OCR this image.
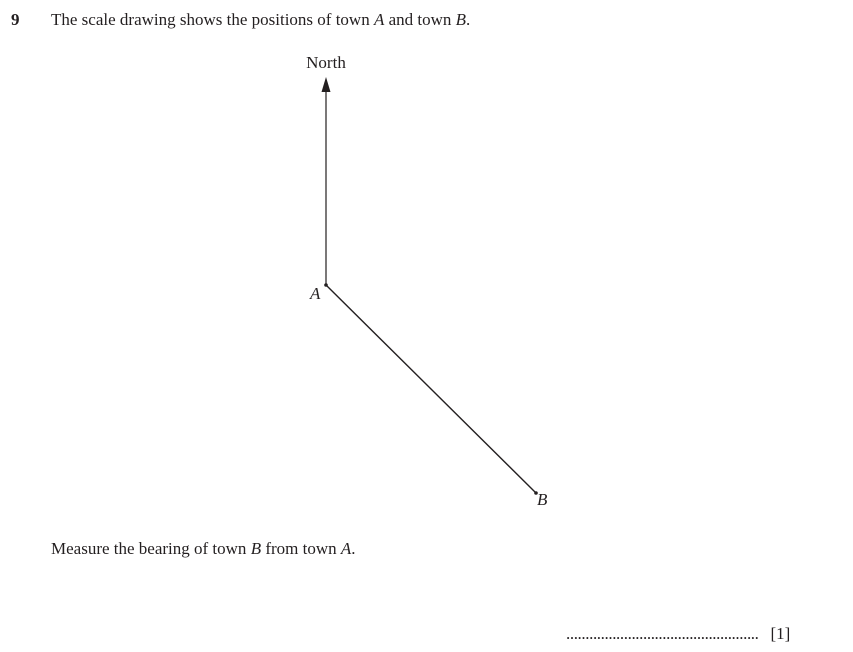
9 The scale drawing shows the positions of town A and town B.
North
A
B
Measure the bearing of town B from town A.
.................................................. [1]
